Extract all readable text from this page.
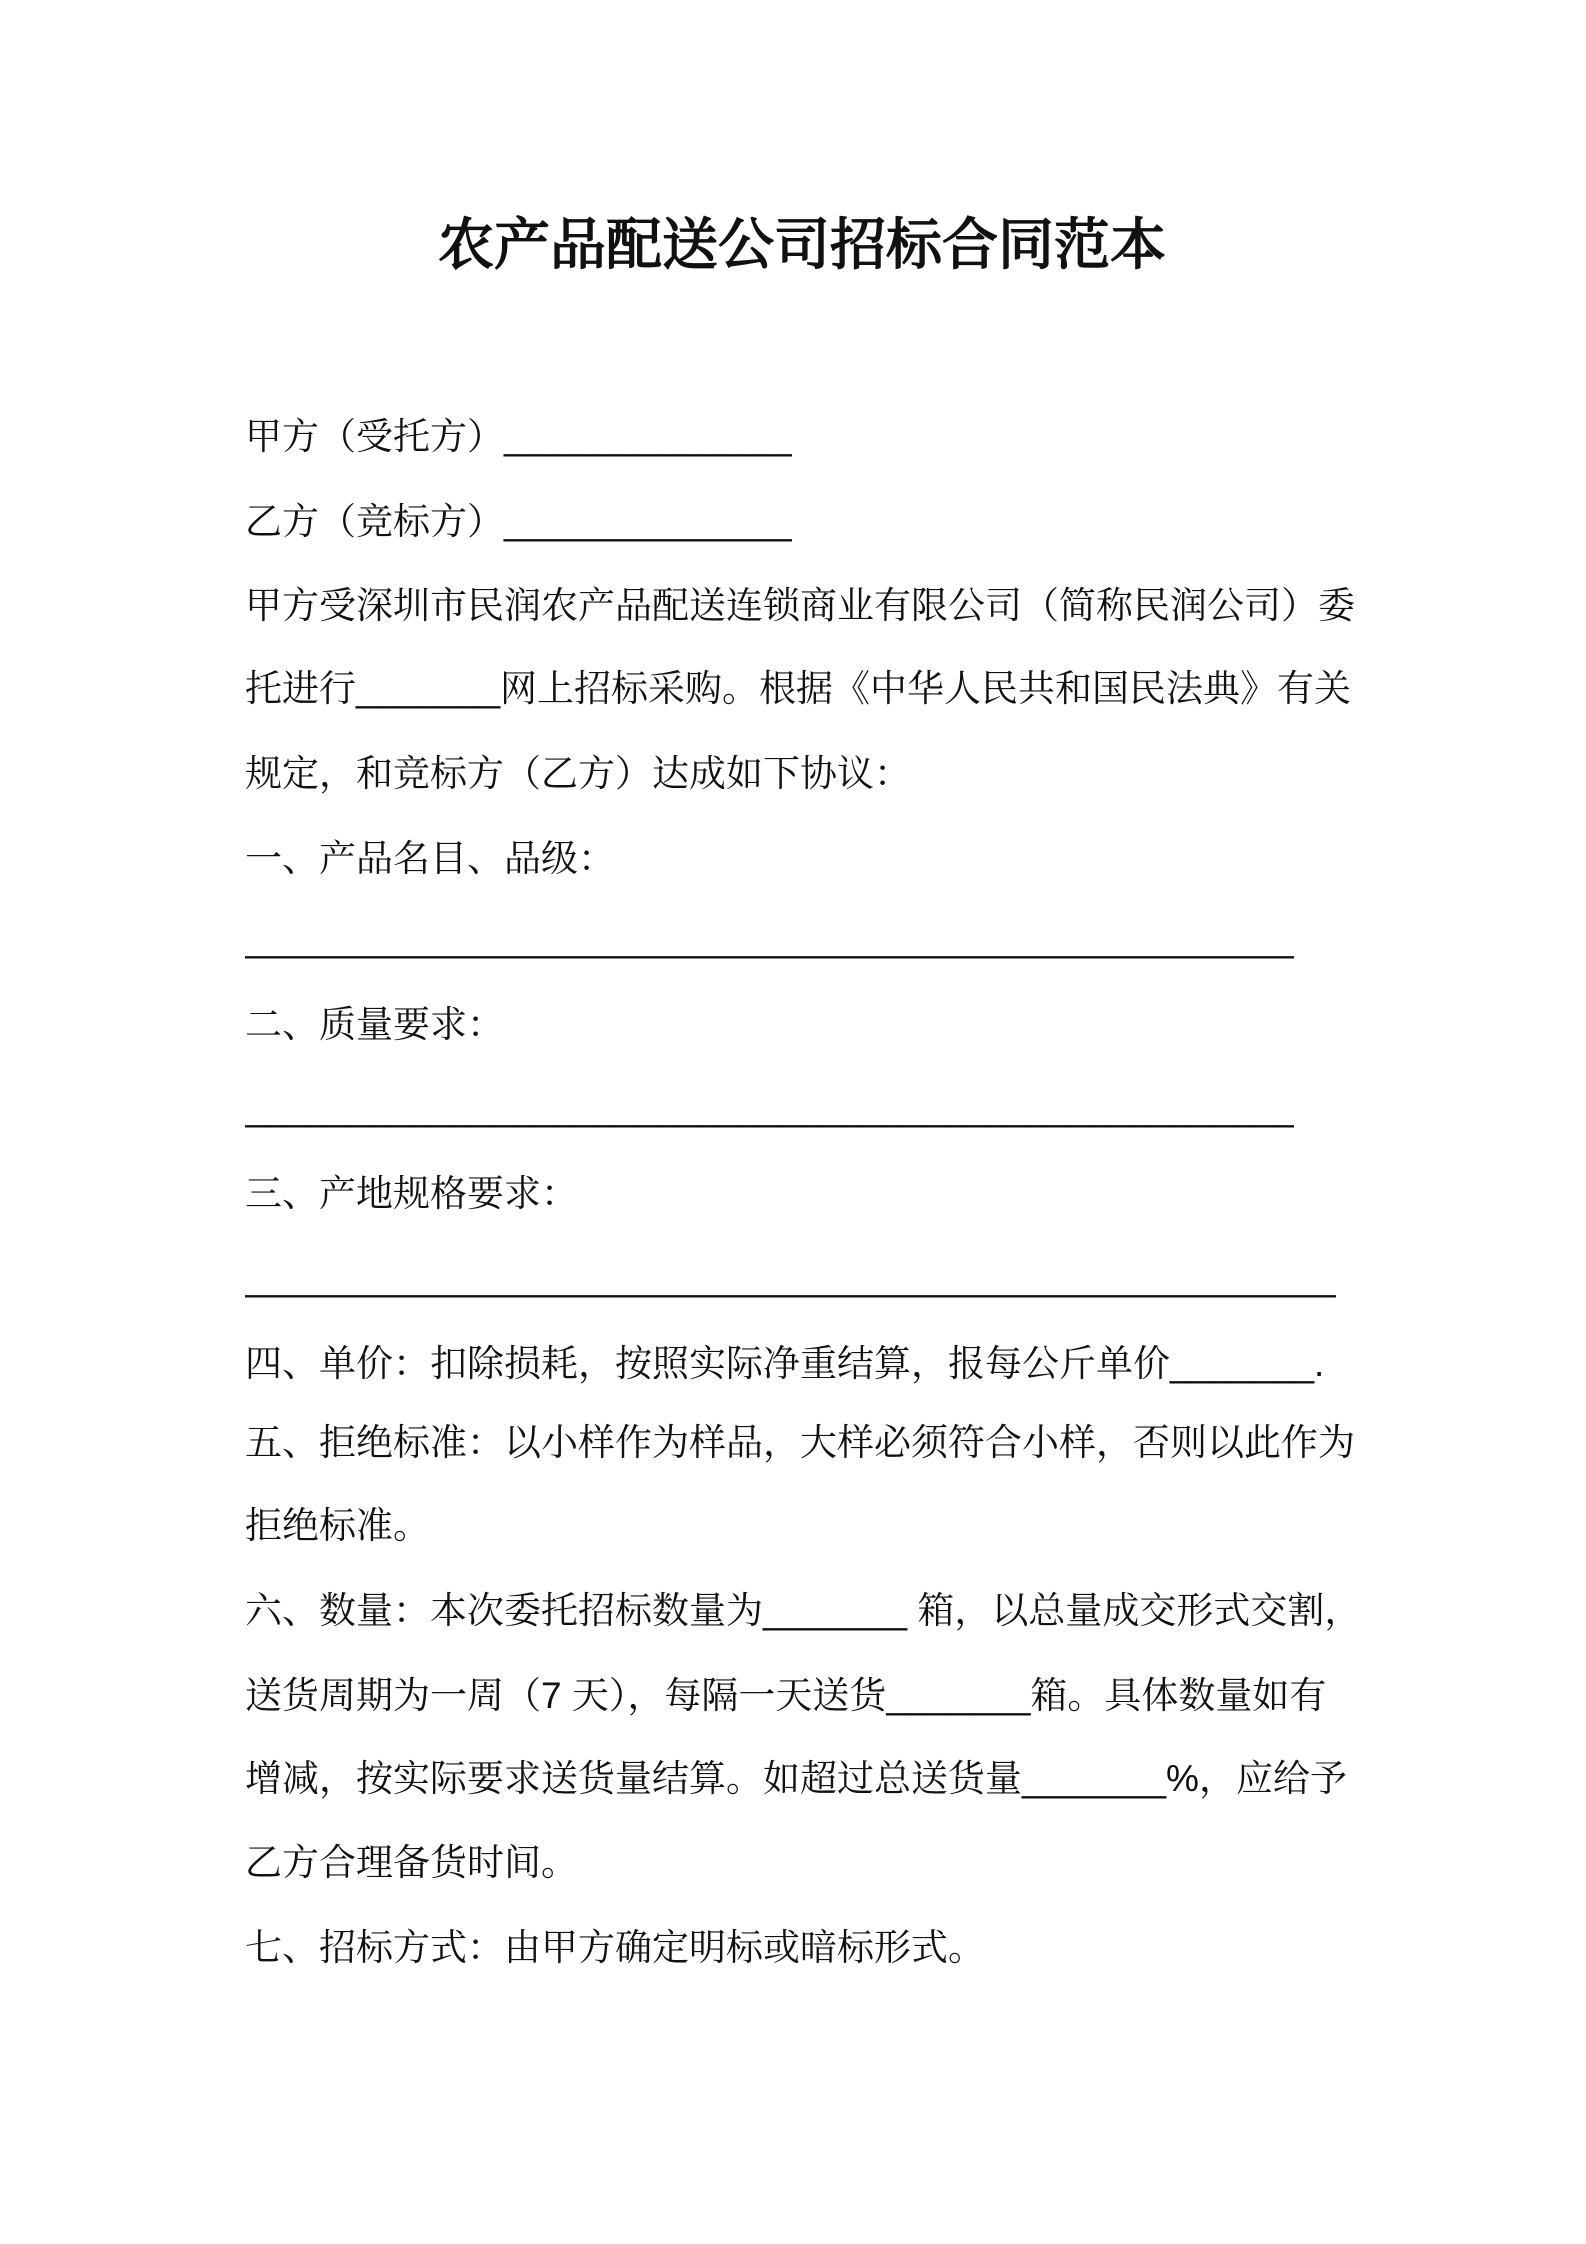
农产品配送公司招标合同范本
甲方（受托方）______________
乙方（竞标方）______________
甲方受深圳市民润农产品配送连锁商业有限公司（简称民润公司）委
托进行_______网上招标采购。根据《中华人民共和国民法典》有关
规定，和竞标方（乙方）达成如下协议：
一、产品名目、品级：
___________________________________________________
二、质量要求：
___________________________________________________
三、产地规格要求：
_____________________________________________________
四、单价：扣除损耗，按照实际净重结算，报每公斤单价_______.
五、拒绝标准：以小样作为样品，大样必须符合小样，否则以此作为
拒绝标准。
六、数量：本次委托招标数量为_______ 箱，以总量成交形式交割，
送货周期为一周（7 天），每隔一天送货_______箱。具体数量如有
增减，按实际要求送货量结算。如超过总送货量_______%，应给予
乙方合理备货时间。
七、招标方式：由甲方确定明标或暗标形式。
